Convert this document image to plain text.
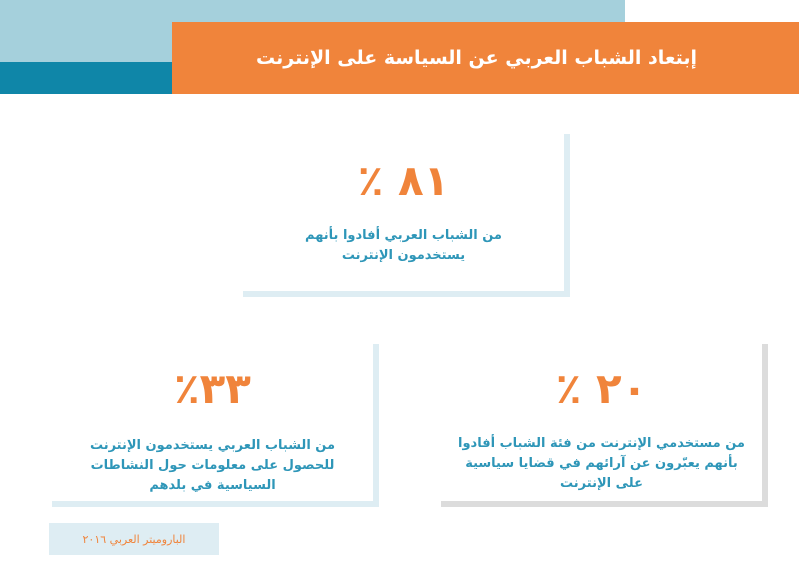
إبتعاد الشباب العربي عن السياسة على الإنترنت
٨١ ٪
من الشباب العربي أفادوا بأنهم يستخدمون الإنترنت
٣٣٪
من الشباب العربي يستخدمون الإنترنت للحصول على معلومات حول النشاطات السياسية في بلدهم
٢٠ ٪
من مستخدمي الإنترنت من فئة الشباب أفادوا بأنهم يعبّرون عن آرائهم في قضايا سياسية على الإنترنت
الباروميتر العربي ٢٠١٦
